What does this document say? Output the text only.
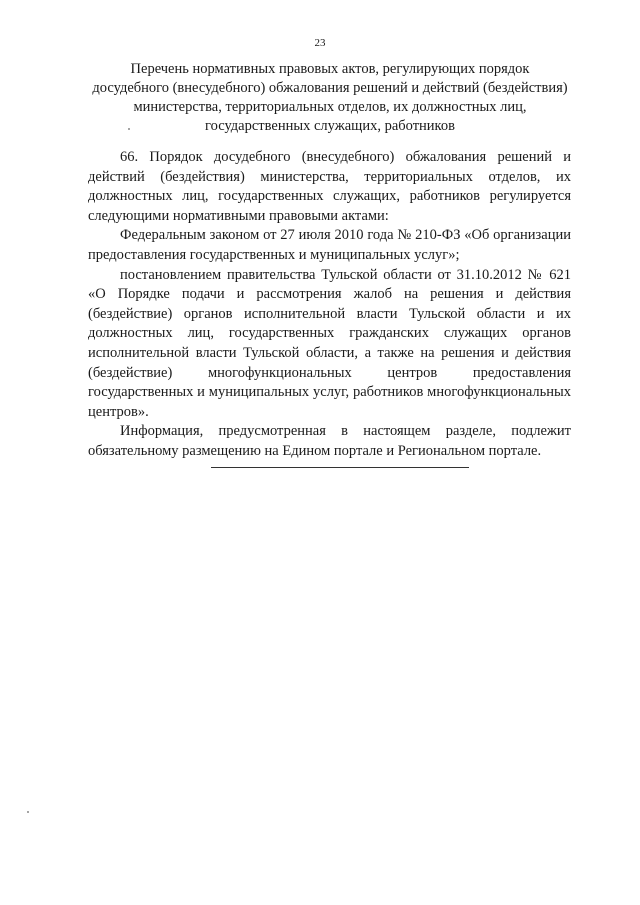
23
Перечень нормативных правовых актов, регулирующих порядок
досудебного (внесудебного) обжалования решений и действий (бездействия)
министерства, территориальных отделов, их должностных лиц,
государственных служащих, работников

66. Порядок досудебного (внесудебного) обжалования решений и действий (бездействия) министерства, территориальных отделов, их должностных лиц, государственных служащих, работников регулируется следующими нормативными правовыми актами:

Федеральным законом от 27 июля 2010 года № 210-ФЗ «Об организации предоставления государственных и муниципальных услуг»;

постановлением правительства Тульской области от 31.10.2012 № 621

«О Порядке подачи и рассмотрения жалоб на решения и действия (бездействие) органов исполнительной власти Тульской области и их должностных лиц, государственных гражданских служащих органов исполнительной власти Тульской области, а также на решения и действия (бездействие) многофункциональных центров предоставления государственных и муниципальных услуг, работников многофункциональных центров».

Информация, предусмотренная в настоящем разделе, подлежит обязательному размещению на Едином портале и Региональном портале.
